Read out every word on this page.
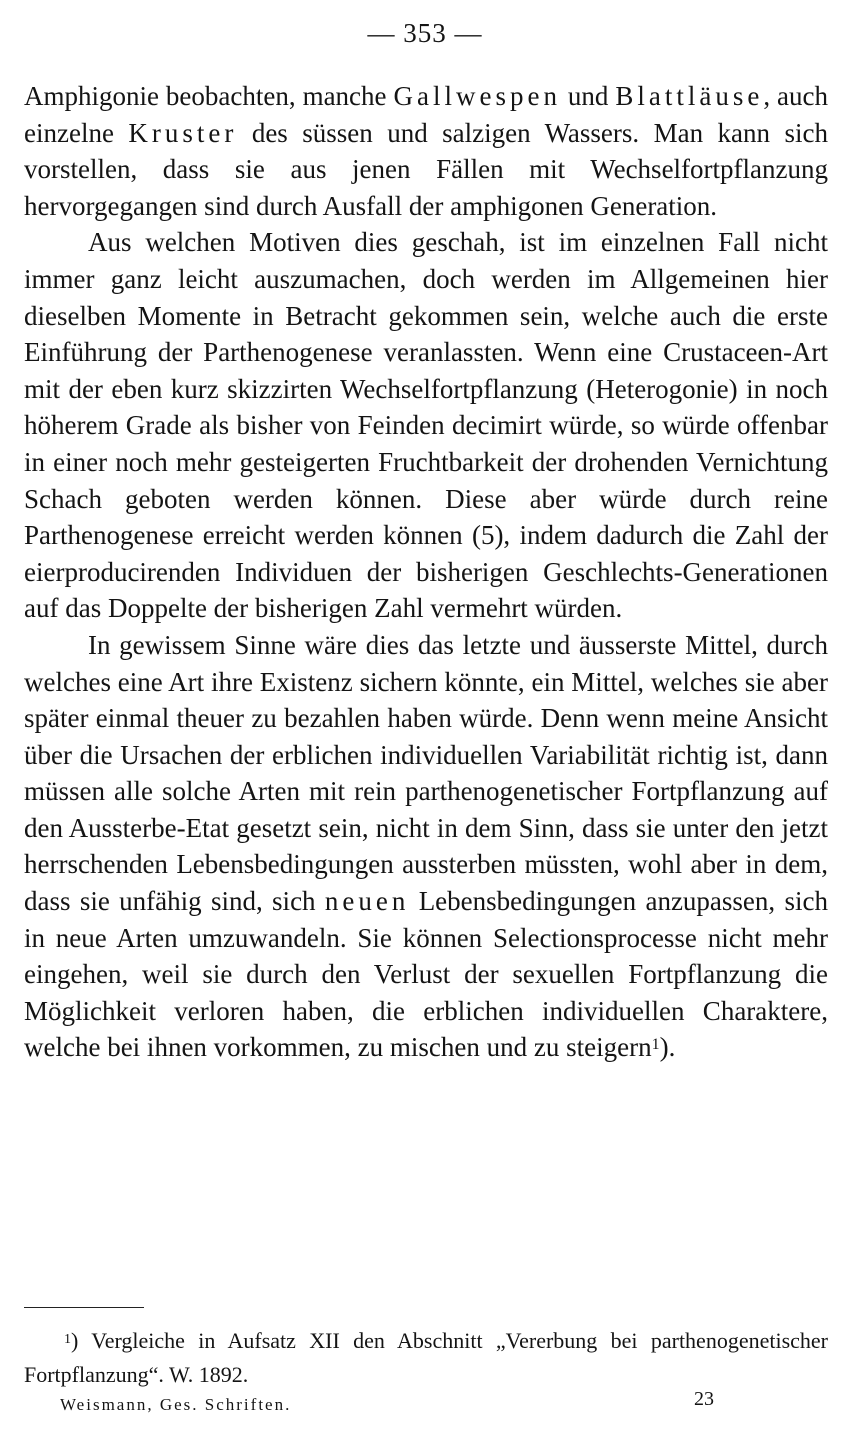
— 353 —

Amphigonie beobachten, manche Gallwespen und Blattläuse, auch einzelne Kruster des süssen und salzigen Wassers. Man kann sich vorstellen, dass sie aus jenen Fällen mit Wechselfortpflanzung hervorgegangen sind durch Ausfall der amphigonen Generation.

Aus welchen Motiven dies geschah, ist im einzelnen Fall nicht immer ganz leicht auszumachen, doch werden im Allgemeinen hier dieselben Momente in Betracht gekommen sein, welche auch die erste Einführung der Parthenogenese veranlassten. Wenn eine Crustaceen-Art mit der eben kurz skizzirten Wechselfortpflanzung (Heterogonie) in noch höherem Grade als bisher von Feinden decimirt würde, so würde offenbar in einer noch mehr gesteigerten Fruchtbarkeit der drohenden Vernichtung Schach geboten werden können. Diese aber würde durch reine Parthenogenese erreicht werden können (5), indem dadurch die Zahl der eierproducirenden Individuen der bisherigen Geschlechts-Generationen auf das Doppelte der bisherigen Zahl vermehrt würden.

In gewissem Sinne wäre dies das letzte und äusserste Mittel, durch welches eine Art ihre Existenz sichern könnte, ein Mittel, welches sie aber später einmal theuer zu bezahlen haben würde. Denn wenn meine Ansicht über die Ursachen der erblichen individuellen Variabilität richtig ist, dann müssen alle solche Arten mit rein parthenogenetischer Fortpflanzung auf den Aussterbe-Etat gesetzt sein, nicht in dem Sinn, dass sie unter den jetzt herrschenden Lebensbedingungen aussterben müssten, wohl aber in dem, dass sie unfähig sind, sich neuen Lebensbedingungen anzupassen, sich in neue Arten umzuwandeln. Sie können Selectionsprocesse nicht mehr eingehen, weil sie durch den Verlust der sexuellen Fortpflanzung die Möglichkeit verloren haben, die erblichen individuellen Charaktere, welche bei ihnen vorkommen, zu mischen und zu steigern$^1$).

$^1$) Vergleiche in Aufsatz XII den Abschnitt „Vererbung bei parthenogenetischer Fortpflanzung“. W. 1892.

Weismann, Ges. Schriften.	23
